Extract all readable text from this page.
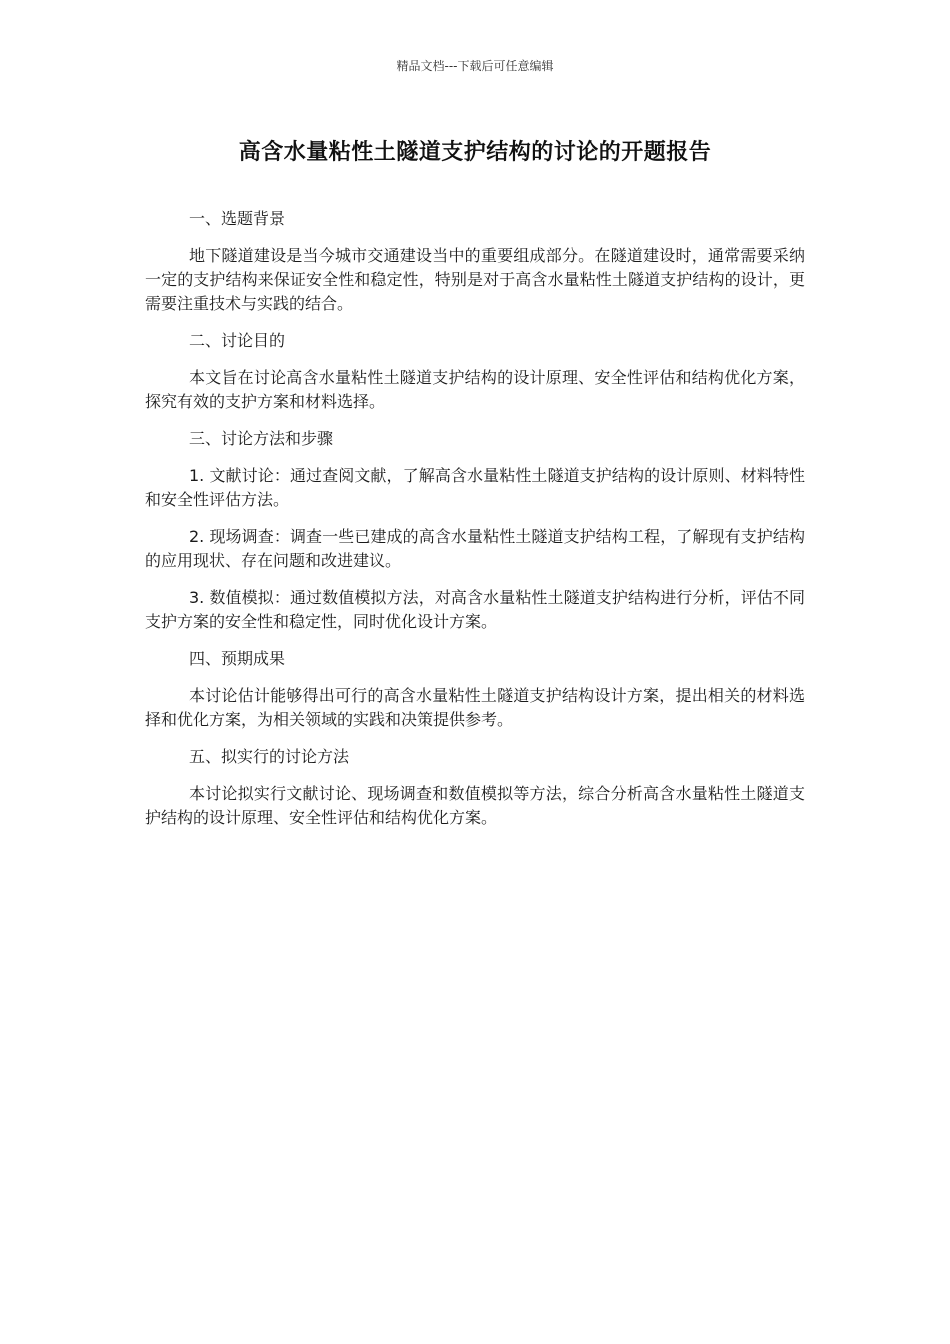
精品文档---下载后可任意编辑
高含水量粘性土隧道支护结构的讨论的开题报告

一、选题背景

地下隧道建设是当今城市交通建设当中的重要组成部分。在隧道建设时，通常需要采纳一定的支护结构来保证安全性和稳定性，特别是对于高含水量粘性土隧道支护结构的设计，更需要注重技术与实践的结合。

二、讨论目的

本文旨在讨论高含水量粘性土隧道支护结构的设计原理、安全性评估和结构优化方案，探究有效的支护方案和材料选择。

三、讨论方法和步骤

1. 文献讨论：通过查阅文献，了解高含水量粘性土隧道支护结构的设计原则、材料特性和安全性评估方法。

2. 现场调查：调查一些已建成的高含水量粘性土隧道支护结构工程，了解现有支护结构的应用现状、存在问题和改进建议。

3. 数值模拟：通过数值模拟方法，对高含水量粘性土隧道支护结构进行分析，评估不同支护方案的安全性和稳定性，同时优化设计方案。

四、预期成果

本讨论估计能够得出可行的高含水量粘性土隧道支护结构设计方案，提出相关的材料选择和优化方案，为相关领域的实践和决策提供参考。

五、拟实行的讨论方法

本讨论拟实行文献讨论、现场调查和数值模拟等方法，综合分析高含水量粘性土隧道支护结构的设计原理、安全性评估和结构优化方案。
